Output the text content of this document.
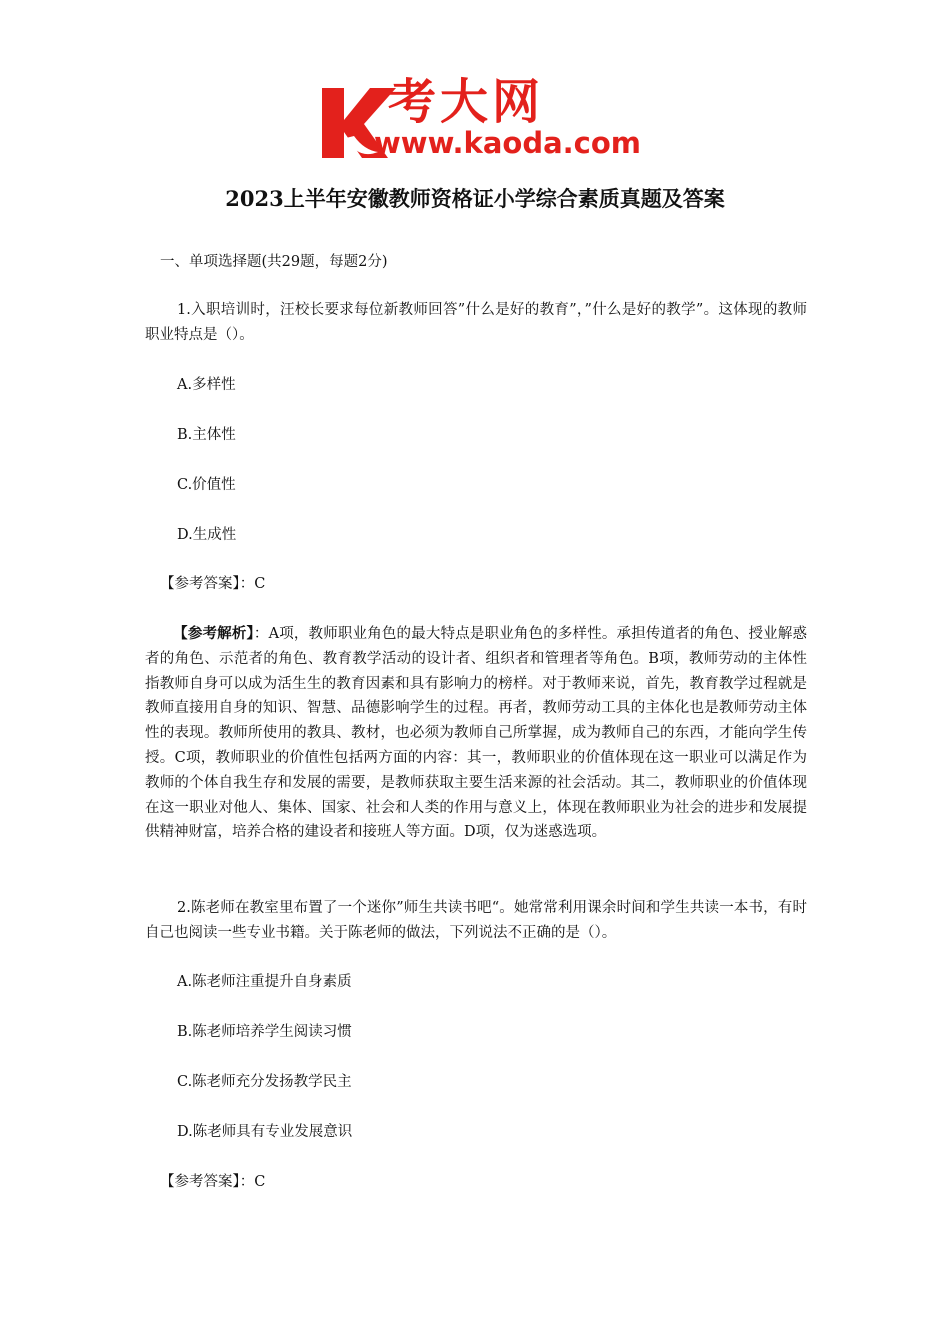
考大网
www.kaoda.com
2023上半年安徽教师资格证小学综合素质真题及答案
一、单项选择题(共29题，每题2分)
1.入职培训时，汪校长要求每位新教师回答”什么是好的教育”，”什么是好的教学”。这体现的教师职业特点是（）。
A.多样性
B.主体性
C.价值性
D.生成性
【参考答案】：C
【参考解析】：A项，教师职业角色的最大特点是职业角色的多样性。承担传道者的角色、授业解惑者的角色、示范者的角色、教育教学活动的设计者、组织者和管理者等角色。B项，教师劳动的主体性指教师自身可以成为活生生的教育因素和具有影响力的榜样。对于教师来说，首先，教育教学过程就是教师直接用自身的知识、智慧、品德影响学生的过程。再者，教师劳动工具的主体化也是教师劳动主体性的表现。教师所使用的教具、教材，也必须为教师自己所掌握，成为教师自己的东西，才能向学生传授。C项，教师职业的价值性包括两方面的内容：其一，教师职业的价值体现在这一职业可以满足作为教师的个体自我生存和发展的需要，是教师获取主要生活来源的社会活动。其二，教师职业的价值体现在这一职业对他人、集体、国家、社会和人类的作用与意义上，体现在教师职业为社会的进步和发展提供精神财富，培养合格的建设者和接班人等方面。D项，仅为迷惑选项。
2.陈老师在教室里布置了一个迷你”师生共读书吧“。她常常利用课余时间和学生共读一本书，有时自己也阅读一些专业书籍。关于陈老师的做法，下列说法不正确的是（）。
A.陈老师注重提升自身素质
B.陈老师培养学生阅读习惯
C.陈老师充分发扬教学民主
D.陈老师具有专业发展意识
【参考答案】：C
